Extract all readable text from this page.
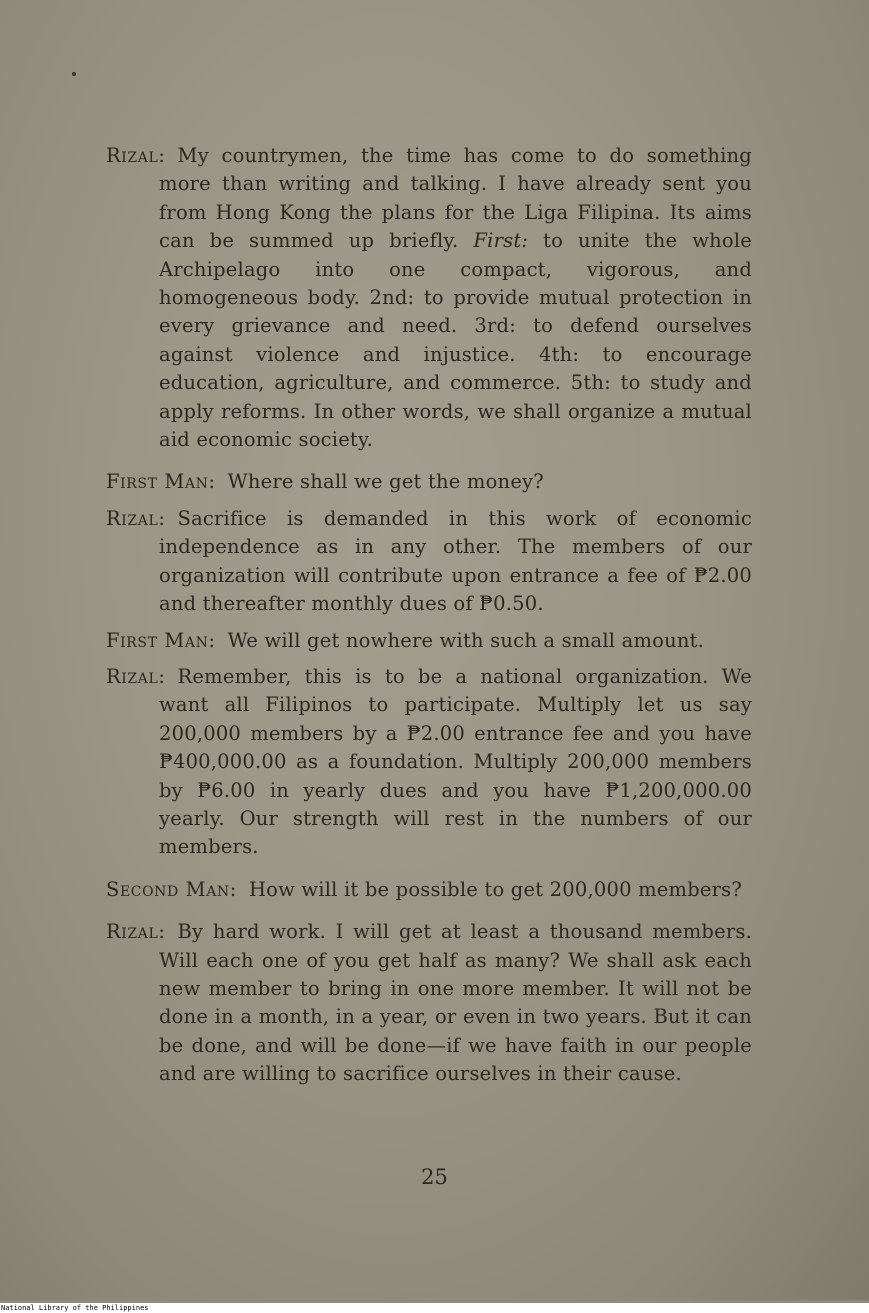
Rizal: My countrymen, the time has come to do something more than writing and talking. I have already sent you from Hong Kong the plans for the Liga Filipina. Its aims can be summed up briefly. First: to unite the whole Archipelago into one compact, vigorous, and homogeneous body. 2nd: to provide mutual protection in every grievance and need. 3rd: to defend ourselves against violence and injustice. 4th: to encourage education, agriculture, and commerce. 5th: to study and apply reforms. In other words, we shall organize a mutual aid economic society.

First Man: Where shall we get the money?

Rizal: Sacrifice is demanded in this work of economic independence as in any other. The members of our organization will contribute upon entrance a fee of ₱2.00 and thereafter monthly dues of ₱0.50.

First Man: We will get nowhere with such a small amount.

Rizal: Remember, this is to be a national organization. We want all Filipinos to participate. Multiply let us say 200,000 members by a ₱2.00 entrance fee and you have ₱400,000.00 as a foundation. Multiply 200,000 members by ₱6.00 in yearly dues and you have ₱1,200,000.00 yearly. Our strength will rest in the numbers of our members.

Second Man: How will it be possible to get 200,000 members?

Rizal: By hard work. I will get at least a thousand members. Will each one of you get half as many? We shall ask each new member to bring in one more member. It will not be done in a month, in a year, or even in two years. But it can be done, and will be done—if we have faith in our people and are willing to sacrifice ourselves in their cause.

25
National Library of the Philippines
